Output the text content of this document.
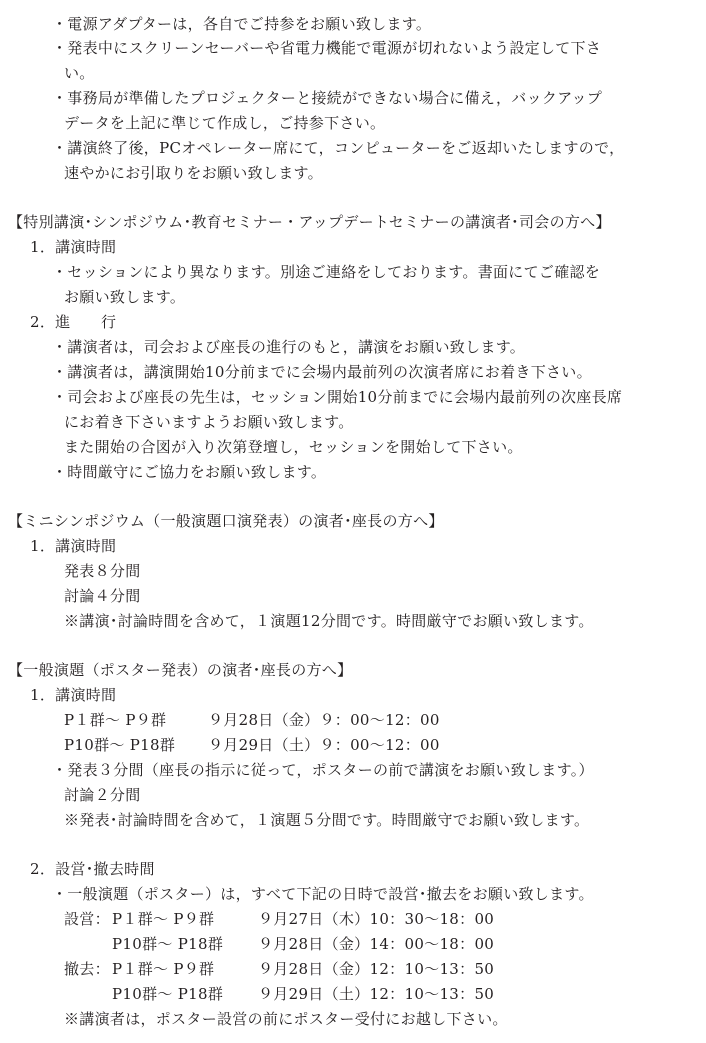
・電源アダプターは，各自でご持参をお願い致します。
・発表中にスクリーンセーバーや省電力機能で電源が切れないよう設定して下さ
い。
・事務局が準備したプロジェクターと接続ができない場合に備え，バックアップ
データを上記に準じて作成し，ご持参下さい。
・講演終了後，PCオペレーター席にて，コンピューターをご返却いたしますので，
速やかにお引取りをお願い致します。
【特別講演･シンポジウム･教育セミナー・アップデートセミナーの講演者･司会の方へ】
1．講演時間
・セッションにより異なります。別途ご連絡をしております。書面にてご確認を
お願い致します。
2．進　　行
・講演者は，司会および座長の進行のもと，講演をお願い致します。
・講演者は，講演開始10分前までに会場内最前列の次演者席にお着き下さい。
・司会および座長の先生は，セッション開始10分前までに会場内最前列の次座長席
にお着き下さいますようお願い致します。
また開始の合図が入り次第登壇し，セッションを開始して下さい。
・時間厳守にご協力をお願い致します。
【ミニシンポジウム（一般演題口演発表）の演者･座長の方へ】
1．講演時間
発表８分間
討論４分間
※講演･討論時間を含めて，１演題12分間です。時間厳守でお願い致します。
【一般演題（ポスター発表）の演者･座長の方へ】
1．講演時間
P１群～ P９群	９月28日（金）９：00～12：00
P10群～ P18群 ９月29日（土）９：00～12：00
・発表３分間（座長の指示に従って，ポスターの前で講演をお願い致します。）
討論２分間
※発表･討論時間を含めて，１演題５分間です。時間厳守でお願い致します。
2．設営･撤去時間
・一般演題（ポスター）は，すべて下記の日時で設営･撤去をお願い致します。
設営： P１群～ P９群	９月27日（木）10：30～18：00
P10群～ P18群 ９月28日（金）14：00～18：00
撤去： P１群～ P９群	９月28日（金）12：10～13：50
P10群～ P18群 ９月29日（土）12：10～13：50
※講演者は，ポスター設営の前にポスター受付にお越し下さい。
